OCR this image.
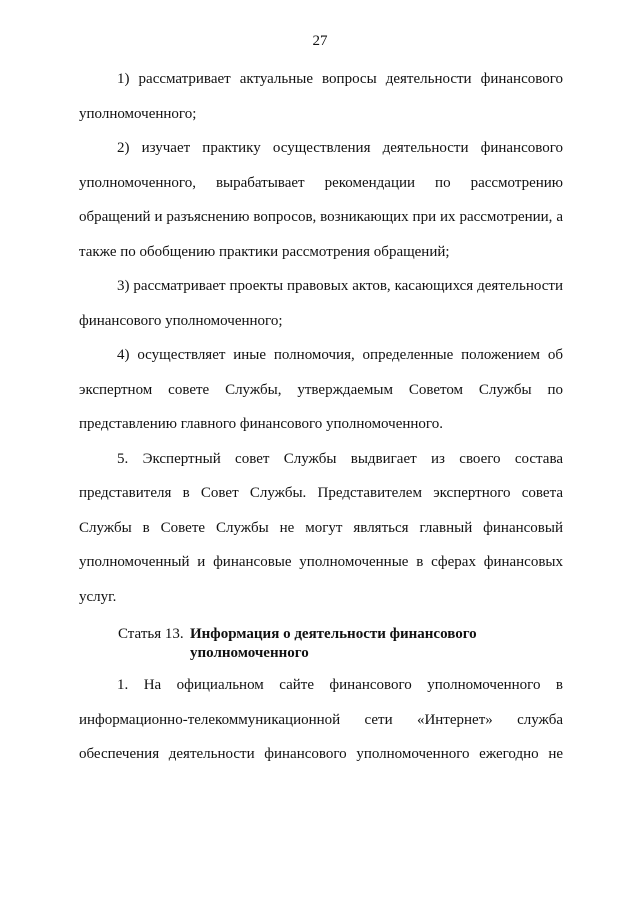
27

1) рассматривает актуальные вопросы деятельности финансового уполномоченного;

2) изучает практику осуществления деятельности финансового уполномоченного, вырабатывает рекомендации по рассмотрению обращений и разъяснению вопросов, возникающих при их рассмотрении, а также по обобщению практики рассмотрения обращений;

3) рассматривает проекты правовых актов, касающихся деятельности финансового уполномоченного;

4) осуществляет иные полномочия, определенные положением об экспертном совете Службы, утверждаемым Советом Службы по представлению главного финансового уполномоченного.

5. Экспертный совет Службы выдвигает из своего состава представителя в Совет Службы. Представителем экспертного совета Службы в Совете Службы не могут являться главный финансовый уполномоченный и финансовые уполномоченные в сферах финансовых услуг.

Статья 13. Информация о деятельности финансового уполномоченного

1. На официальном сайте финансового уполномоченного в информационно-телекоммуникационной сети «Интернет» служба обеспечения деятельности финансового уполномоченного ежегодно не
